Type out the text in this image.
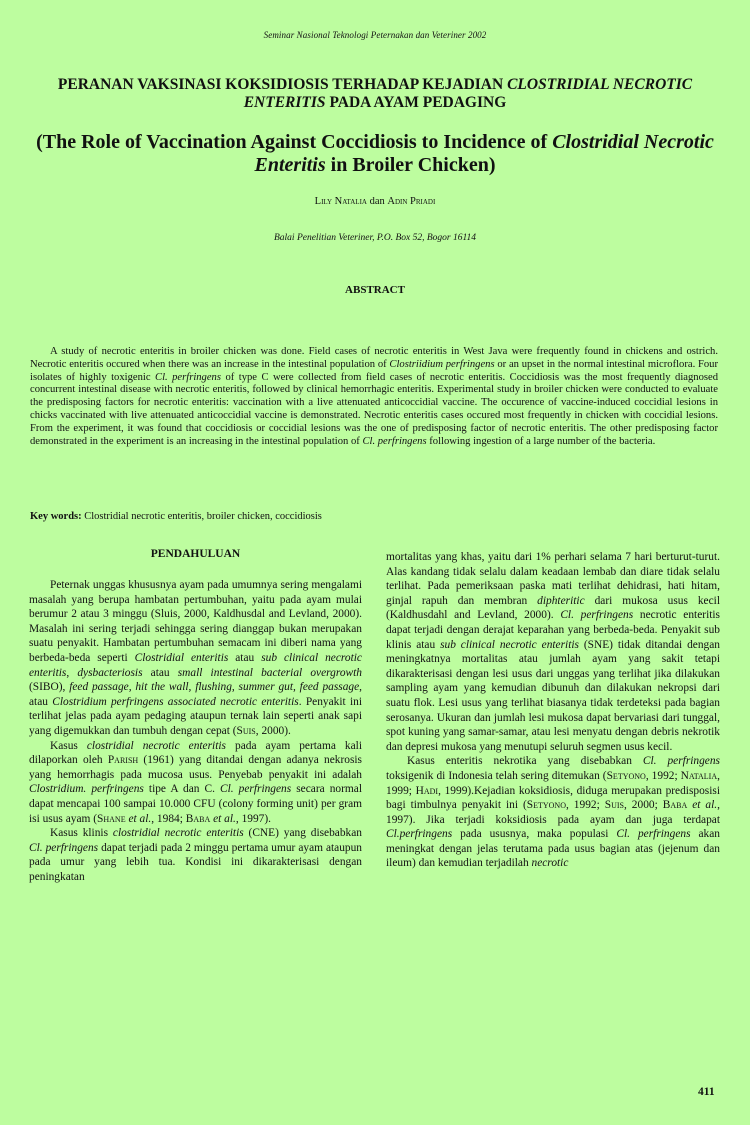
Seminar Nasional Teknologi Peternakan dan Veteriner 2002
PERANAN VAKSINASI KOKSIDIOSIS TERHADAP KEJADIAN CLOSTRIDIAL NECROTIC ENTERITIS PADA AYAM PEDAGING
(The Role of Vaccination Against Coccidiosis to Incidence of Clostridial Necrotic Enteritis in Broiler Chicken)
Lily Natalia dan Adin Priadi
Balai Penelitian Veteriner, P.O. Box 52, Bogor 16114
ABSTRACT

A study of necrotic enteritis in broiler chicken was done. Field cases of necrotic enteritis in West Java were frequently found in chickens and ostrich. Necrotic enteritis occured when there was an increase in the intestinal population of Clostriidium perfringens or an upset in the normal intestinal microflora. Four isolates of highly toxigenic Cl. perfringens of type C were collected from field cases of necrotic enteritis. Coccidiosis was the most frequently diagnosed concurrent intestinal disease with necrotic enteritis, followed by clinical hemorrhagic enteritis. Experimental study in broiler chicken were conducted to evaluate the predisposing factors for necrotic enteritis: vaccination with a live attenuated anticoccidial vaccine. The occurence of vaccine-induced coccidial lesions in chicks vaccinated with live attenuated anticoccidial vaccine is demonstrated. Necrotic enteritis cases occured most frequently in chicken with coccidial lesions. From the experiment, it was found that coccidiosis or coccidial lesions was the one of predisposing factor of necrotic enteritis. The other predisposing factor demonstrated in the experiment is an increasing in the intestinal population of Cl. perfringens following ingestion of a large number of the bacteria.

Key words: Clostridial necrotic enteritis, broiler chicken, coccidiosis
PENDAHULUAN

Peternak unggas khususnya ayam pada umumnya sering mengalami masalah yang berupa hambatan pertumbuhan, yaitu pada ayam mulai berumur 2 atau 3 minggu (Sluis, 2000, Kaldhusdal and Levland, 2000). Masalah ini sering terjadi sehingga sering dianggap bukan merupakan suatu penyakit. Hambatan pertumbuhan semacam ini diberi nama yang berbeda-beda seperti Clostridial enteritis atau sub clinical necrotic enteritis, dysbacteriosis atau small intestinal bacterial overgrowth (SIBO), feed passage, hit the wall, flushing, summer gut, feed passage, atau Clostridium perfringens associated necrotic enteritis. Penyakit ini terlihat jelas pada ayam pedaging ataupun ternak lain seperti anak sapi yang digemukkan dan tumbuh dengan cepat (Suis, 2000).

Kasus clostridial necrotic enteritis pada ayam pertama kali dilaporkan oleh Parish (1961) yang ditandai dengan adanya nekrosis yang hemorrhagis pada mucosa usus. Penyebab penyakit ini adalah Clostridium. perfringens tipe A dan C. Cl. perfringens secara normal dapat mencapai 100 sampai 10.000 CFU (colony forming unit) per gram isi usus ayam (Shane et al., 1984; Baba et al., 1997).

Kasus klinis clostridial necrotic enteritis (CNE) yang disebabkan Cl. perfringens dapat terjadi pada 2 minggu pertama umur ayam ataupun pada umur yang lebih tua. Kondisi ini dikarakterisasi dengan peningkatan

mortalitas yang khas, yaitu dari 1% perhari selama 7 hari berturut-turut. Alas kandang tidak selalu dalam keadaan lembab dan diare tidak selalu terlihat. Pada pemeriksaan paska mati terlihat dehidrasi, hati hitam, ginjal rapuh dan membran diphteritic dari mukosa usus kecil (Kaldhusdahl and Levland, 2000). Cl. perfringens necrotic enteritis dapat terjadi dengan derajat keparahan yang berbeda-beda. Penyakit sub klinis atau sub clinical necrotic enteritis (SNE) tidak ditandai dengan meningkatnya mortalitas atau jumlah ayam yang sakit tetapi dikarakterisasi dengan lesi usus dari unggas yang terlihat jika dilakukan sampling ayam yang kemudian dibunuh dan dilakukan nekropsi dari suatu flok. Lesi usus yang terlihat biasanya tidak terdeteksi pada bagian serosanya. Ukuran dan jumlah lesi mukosa dapat bervariasi dari tunggal, spot kuning yang samar-samar, atau lesi menyatu dengan debris nekrotik dan depresi mukosa yang menutupi seluruh segmen usus kecil.

Kasus enteritis nekrotika yang disebabkan Cl. perfringens toksigenik di Indonesia telah sering ditemukan (Setyono, 1992; Natalia, 1999; Hadi, 1999).Kejadian koksidiosis, diduga merupakan predisposisi bagi timbulnya penyakit ini (Setyono, 1992; Suis, 2000; Baba et al., 1997). Jika terjadi koksidiosis pada ayam dan juga terdapat Cl.perfringens pada ususnya, maka populasi Cl. perfringens akan meningkat dengan jelas terutama pada usus bagian atas (jejenum dan ileum) dan kemudian terjadilah necrotic

411
